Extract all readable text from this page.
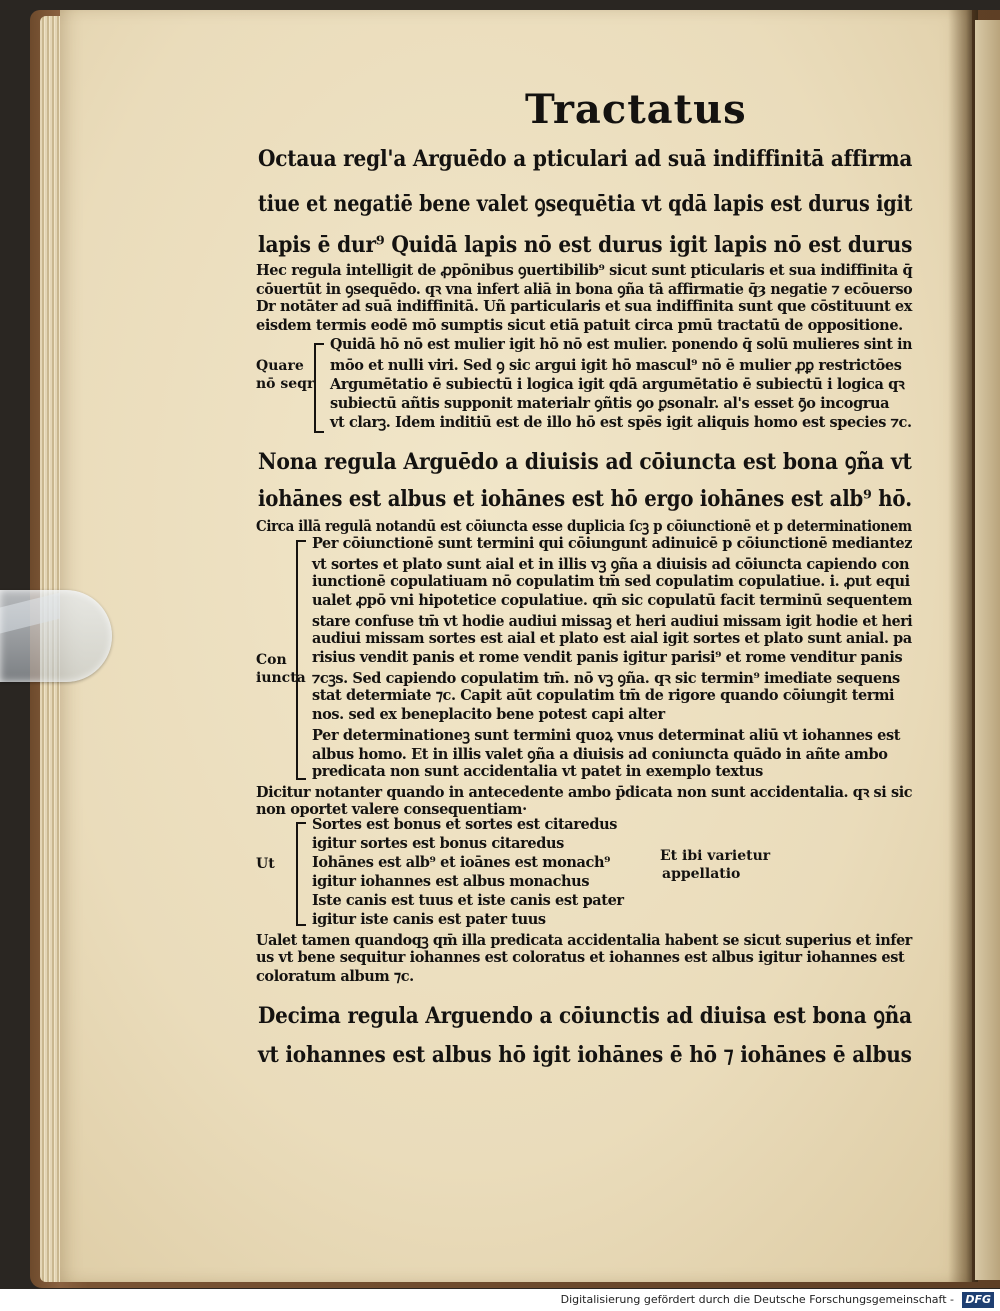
Tractatus
Octaua regl'a Arguēdo a pticulari ad suā indiffinitā affirma
tiue et negatiē bene valet ꝯsequētia vt qdā lapis est durus igit
lapis ē dur⁹ Quidā lapis nō est durus igit lapis nō est durus
Hec regula intelligit de ꝓpōnibus ꝯuertibilib⁹ sicut sunt pticularis et sua indiffinita q̄
cōuertūt in ꝯsequēdo. qꝛ vna infert aliā in bona ꝯña tā affirmatie q̄ȝ negatie ⁊ ecōuerso
Dr notāter ad suā indiffinitā. Uñ particularis et sua indiffinita sunt que cōstituunt ex
eisdem termis eodē mō sumptis sicut etiā patuit circa pmū tractatū de oppositione.
Quare
nō seqr
Quidā hō nō est mulier igit hō nō est mulier. ponendo q̄ solū mulieres sint in
mōo et nulli viri. Sed ꝯ sic argui igit hō mascul⁹ nō ē mulier ꝓꝑ restrictōes
Argumētatio ē subiectū i logica igit qdā argumētatio ē subiectū i logica qꝛ
subiectū añtis supponit materialr ꝯñtis ꝯo ꝑsonalr. al's esset ꝯ̄o incogrua
vt clarꝫ. Idem inditiū est de illo hō est spēs igit aliquis homo est species ⁊c.
Nona regula Arguēdo a diuisis ad cōiuncta est bona ꝯña vt
iohānes est albus et iohānes est hō ergo iohānes est alb⁹ hō.
Circa illā regulā notandū est cōiuncta esse duplicia ſcꝫ p cōiunctionē et p determinationem
Con
iuncta
Per cōiunctionē sunt termini qui cōiungunt adinuicē p cōiunctionē mediantez
vt sortes et plato sunt aial et in illis vꝫ ꝯña a diuisis ad cōiuncta capiendo con
iunctionē copulatiuam nō copulatim tm̄ sed copulatim copulatiue. i. ꝓut equi
ualet ꝓpō vni hipotetice copulatiue. qm̄ sic copulatū facit terminū sequentem
stare confuse tm̄ vt hodie audiui missaꝫ et heri audiui missam igit hodie et heri
audiui missam sortes est aial et plato est aial igit sortes et plato sunt anial. pa
risius vendit panis et rome vendit panis igitur parisi⁹ et rome venditur panis
⁊cꝫs. Sed capiendo copulatim tm̄. nō vꝫ ꝯña. qꝛ sic termin⁹ imediate sequens
stat determiate ⁊c. Capit aūt copulatim tm̄ de rigore quando cōiungit termi
nos. sed ex beneplacito bene potest capi alter
Per determinationeꝫ sunt termini quoꝝ vnus determinat aliū vt iohannes est
albus homo. Et in illis valet ꝯña a diuisis ad coniuncta quādo in añte ambo
predicata non sunt accidentalia vt patet in exemplo textus
Dicitur notanter quando in antecedente ambo p̄dicata non sunt accidentalia. qꝛ si sic
non oportet valere consequentiam·
Ut
Sortes est bonus et sortes est citaredus
igitur sortes est bonus citaredus
Iohānes est alb⁹ et ioānes est monach⁹
igitur iohannes est albus monachus
Iste canis est tuus et iste canis est pater
igitur iste canis est pater tuus
Et ibi varietur
appellatio
Ualet tamen quandoqꝫ qm̄ illa predicata accidentalia habent se sicut superius et infer
us vt bene sequitur iohannes est coloratus et iohannes est albus igitur iohannes est
coloratum album ⁊c.
Decima regula Arguendo a cōiunctis ad diuisa est bona ꝯña
vt iohannes est albus hō igit iohānes ē hō ⁊ iohānes ē albus
Digitalisierung gefördert durch die Deutsche Forschungsgemeinschaft -	DFG
